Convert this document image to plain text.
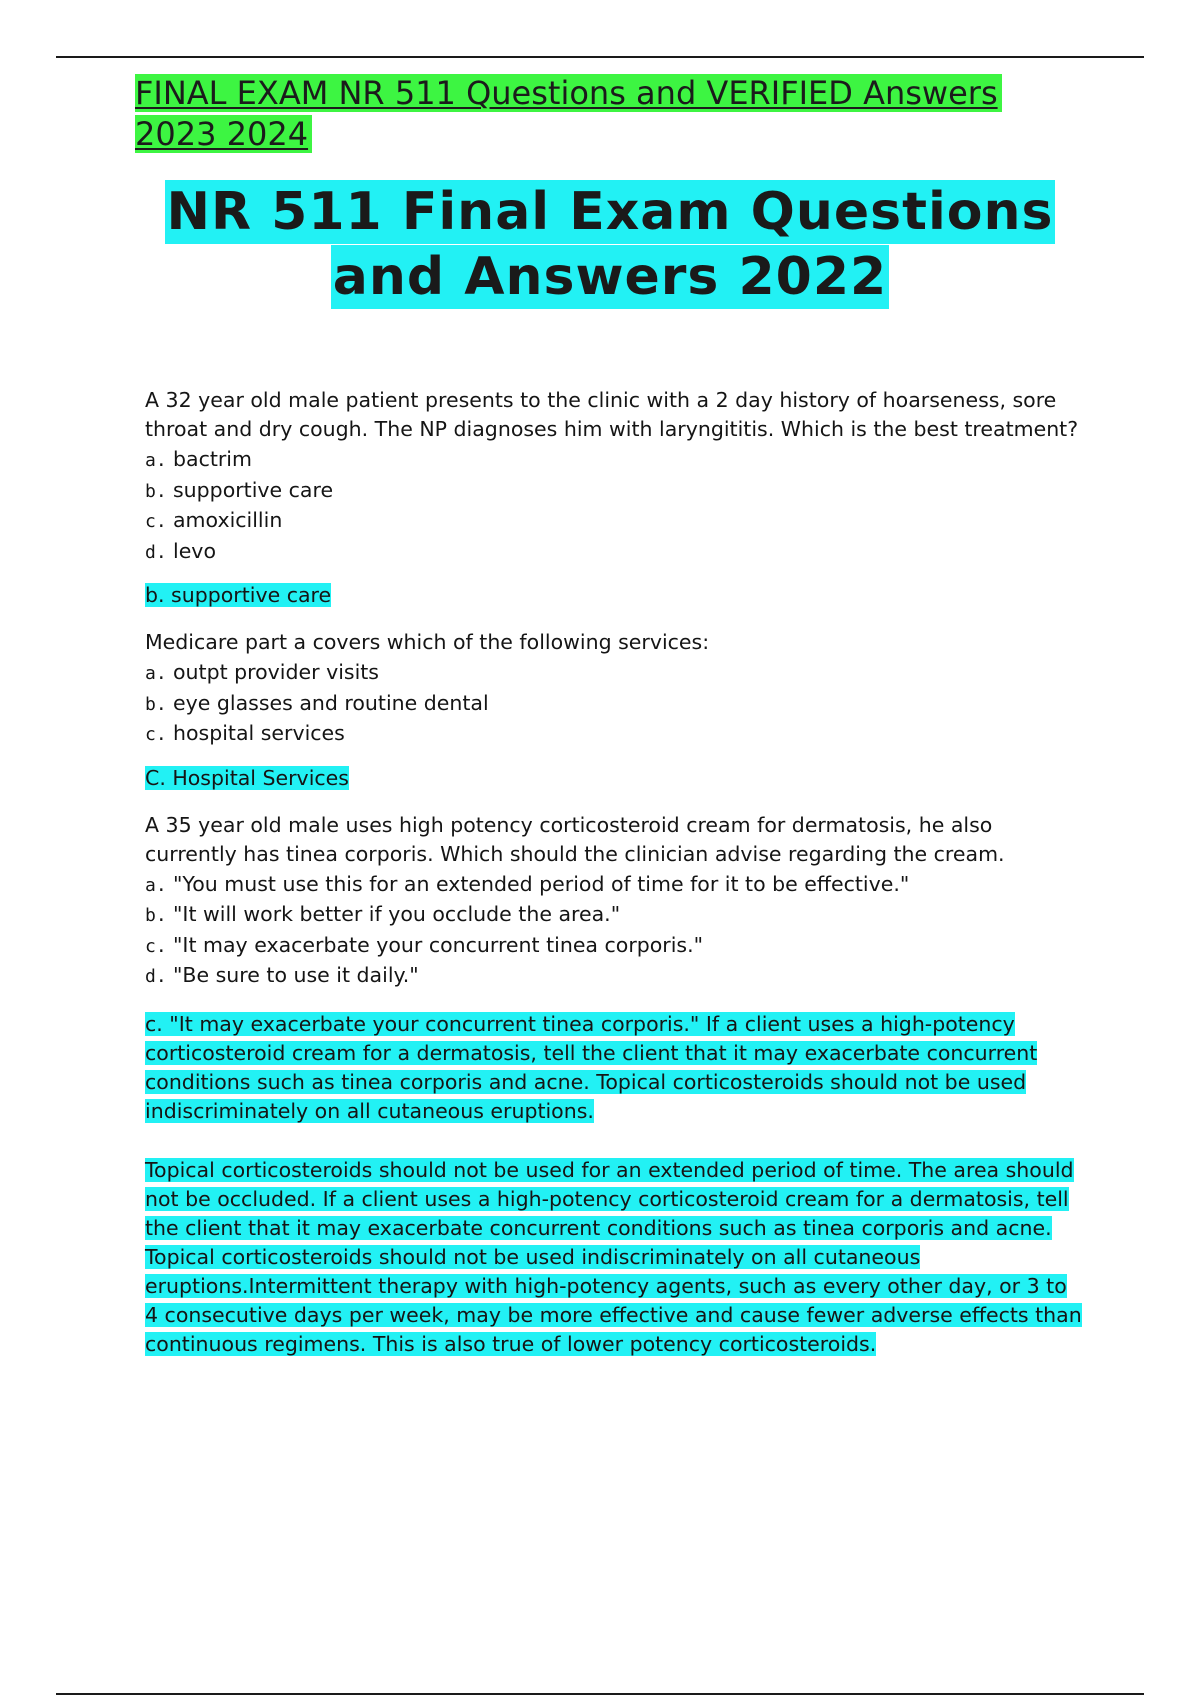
FINAL EXAM NR 511 Questions and VERIFIED Answers 2023 2024
NR 511 Final Exam Questions and Answers 2022

A 32 year old male patient presents to the clinic with a 2 day history of hoarseness, sore throat and dry cough. The NP diagnoses him with laryngititis. Which is the best treatment?

a. bactrim
b. supportive care
c. amoxicillin
d. levo

b. supportive care

Medicare part a covers which of the following services:

a. outpt provider visits
b. eye glasses and routine dental
c. hospital services

C. Hospital Services

A 35 year old male uses high potency corticosteroid cream for dermatosis, he also currently has tinea corporis. Which should the clinician advise regarding the cream.

a. "You must use this for an extended period of time for it to be effective."
b. "It will work better if you occlude the area."
c. "It may exacerbate your concurrent tinea corporis."
d. "Be sure to use it daily."

c. "It may exacerbate your concurrent tinea corporis." If a client uses a high-potency corticosteroid cream for a dermatosis, tell the client that it may exacerbate concurrent conditions such as tinea corporis and acne. Topical corticosteroids should not be used indiscriminately on all cutaneous eruptions.

Topical corticosteroids should not be used for an extended period of time. The area should not be occluded. If a client uses a high-potency corticosteroid cream for a dermatosis, tell the client that it may exacerbate concurrent conditions such as tinea corporis and acne. Topical corticosteroids should not be used indiscriminately on all cutaneous eruptions.Intermittent therapy with high-potency agents, such as every other day, or 3 to 4 consecutive days per week, may be more effective and cause fewer adverse effects than continuous regimens. This is also true of lower potency corticosteroids.
